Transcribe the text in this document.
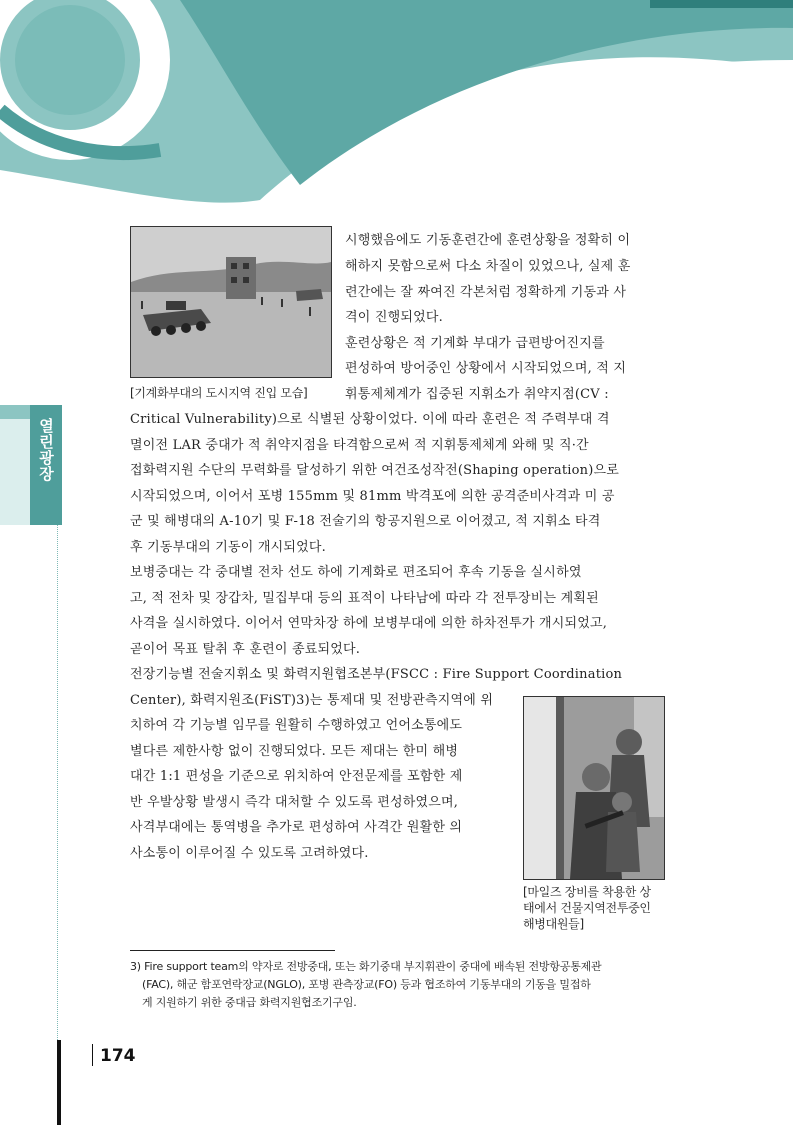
열린광장
174
[기계화부대의 도시지역 진입 모습]
[마일즈 장비를 착용한 상
태에서 건물지역전투중인
해병대원들]
시행했음에도 기동훈련간에 훈련상황을 정확히 이
해하지 못함으로써 다소 차질이 있었으나, 실제 훈
련간에는 잘 짜여진 각본처럼 정확하게 기동과 사
격이 진행되었다.
훈련상황은 적 기계화 부대가 급편방어진지를
편성하여 방어중인 상황에서 시작되었으며, 적 지
휘통제체계가 집중된 지휘소가 취약지점(CV :
Critical Vulnerability)으로 식별된 상황이었다. 이에 따라 훈련은 적 주력부대 격
멸이전 LAR 중대가 적 취약지점을 타격함으로써 적 지휘통제체계 와해 및 직·간
접화력지원 수단의 무력화를 달성하기 위한 여건조성작전(Shaping operation)으로
시작되었으며, 이어서 포병 155mm 및 81mm 박격포에 의한 공격준비사격과 미 공
군 및 해병대의 A-10기 및 F-18 전술기의 항공지원으로 이어졌고, 적 지휘소 타격
후 기동부대의 기동이 개시되었다.
보병중대는 각 중대별 전차 선도 하에 기계화로 편조되어 후속 기동을 실시하였
고, 적 전차 및 장갑차, 밀집부대 등의 표적이 나타남에 따라 각 전투장비는 계획된
사격을 실시하였다. 이어서 연막차장 하에 보병부대에 의한 하차전투가 개시되었고,
곧이어 목표 탈취 후 훈련이 종료되었다.
전장기능별 전술지휘소 및 화력지원협조본부(FSCC : Fire Support Coordination
Center), 화력지원조(FiST)3)는 통제대 및 전방관측지역에 위
치하여 각 기능별 임무를 원활히 수행하였고 언어소통에도
별다른 제한사항 없이 진행되었다. 모든 제대는 한미 해병
대간 1:1 편성을 기준으로 위치하여 안전문제를 포함한 제
반 우발상황 발생시 즉각 대처할 수 있도록 편성하였으며,
사격부대에는 통역병을 추가로 편성하여 사격간 원활한 의
사소통이 이루어질 수 있도록 고려하였다.
3) Fire support team의 약자로 전방중대, 또는 화기중대 부지휘관이 중대에 배속된 전방항공통제관
(FAC), 해군 함포연락장교(NGLO), 포병 관측장교(FO) 등과 협조하여 기동부대의 기동을 밀접하
게 지원하기 위한 중대급 화력지원협조기구임.
